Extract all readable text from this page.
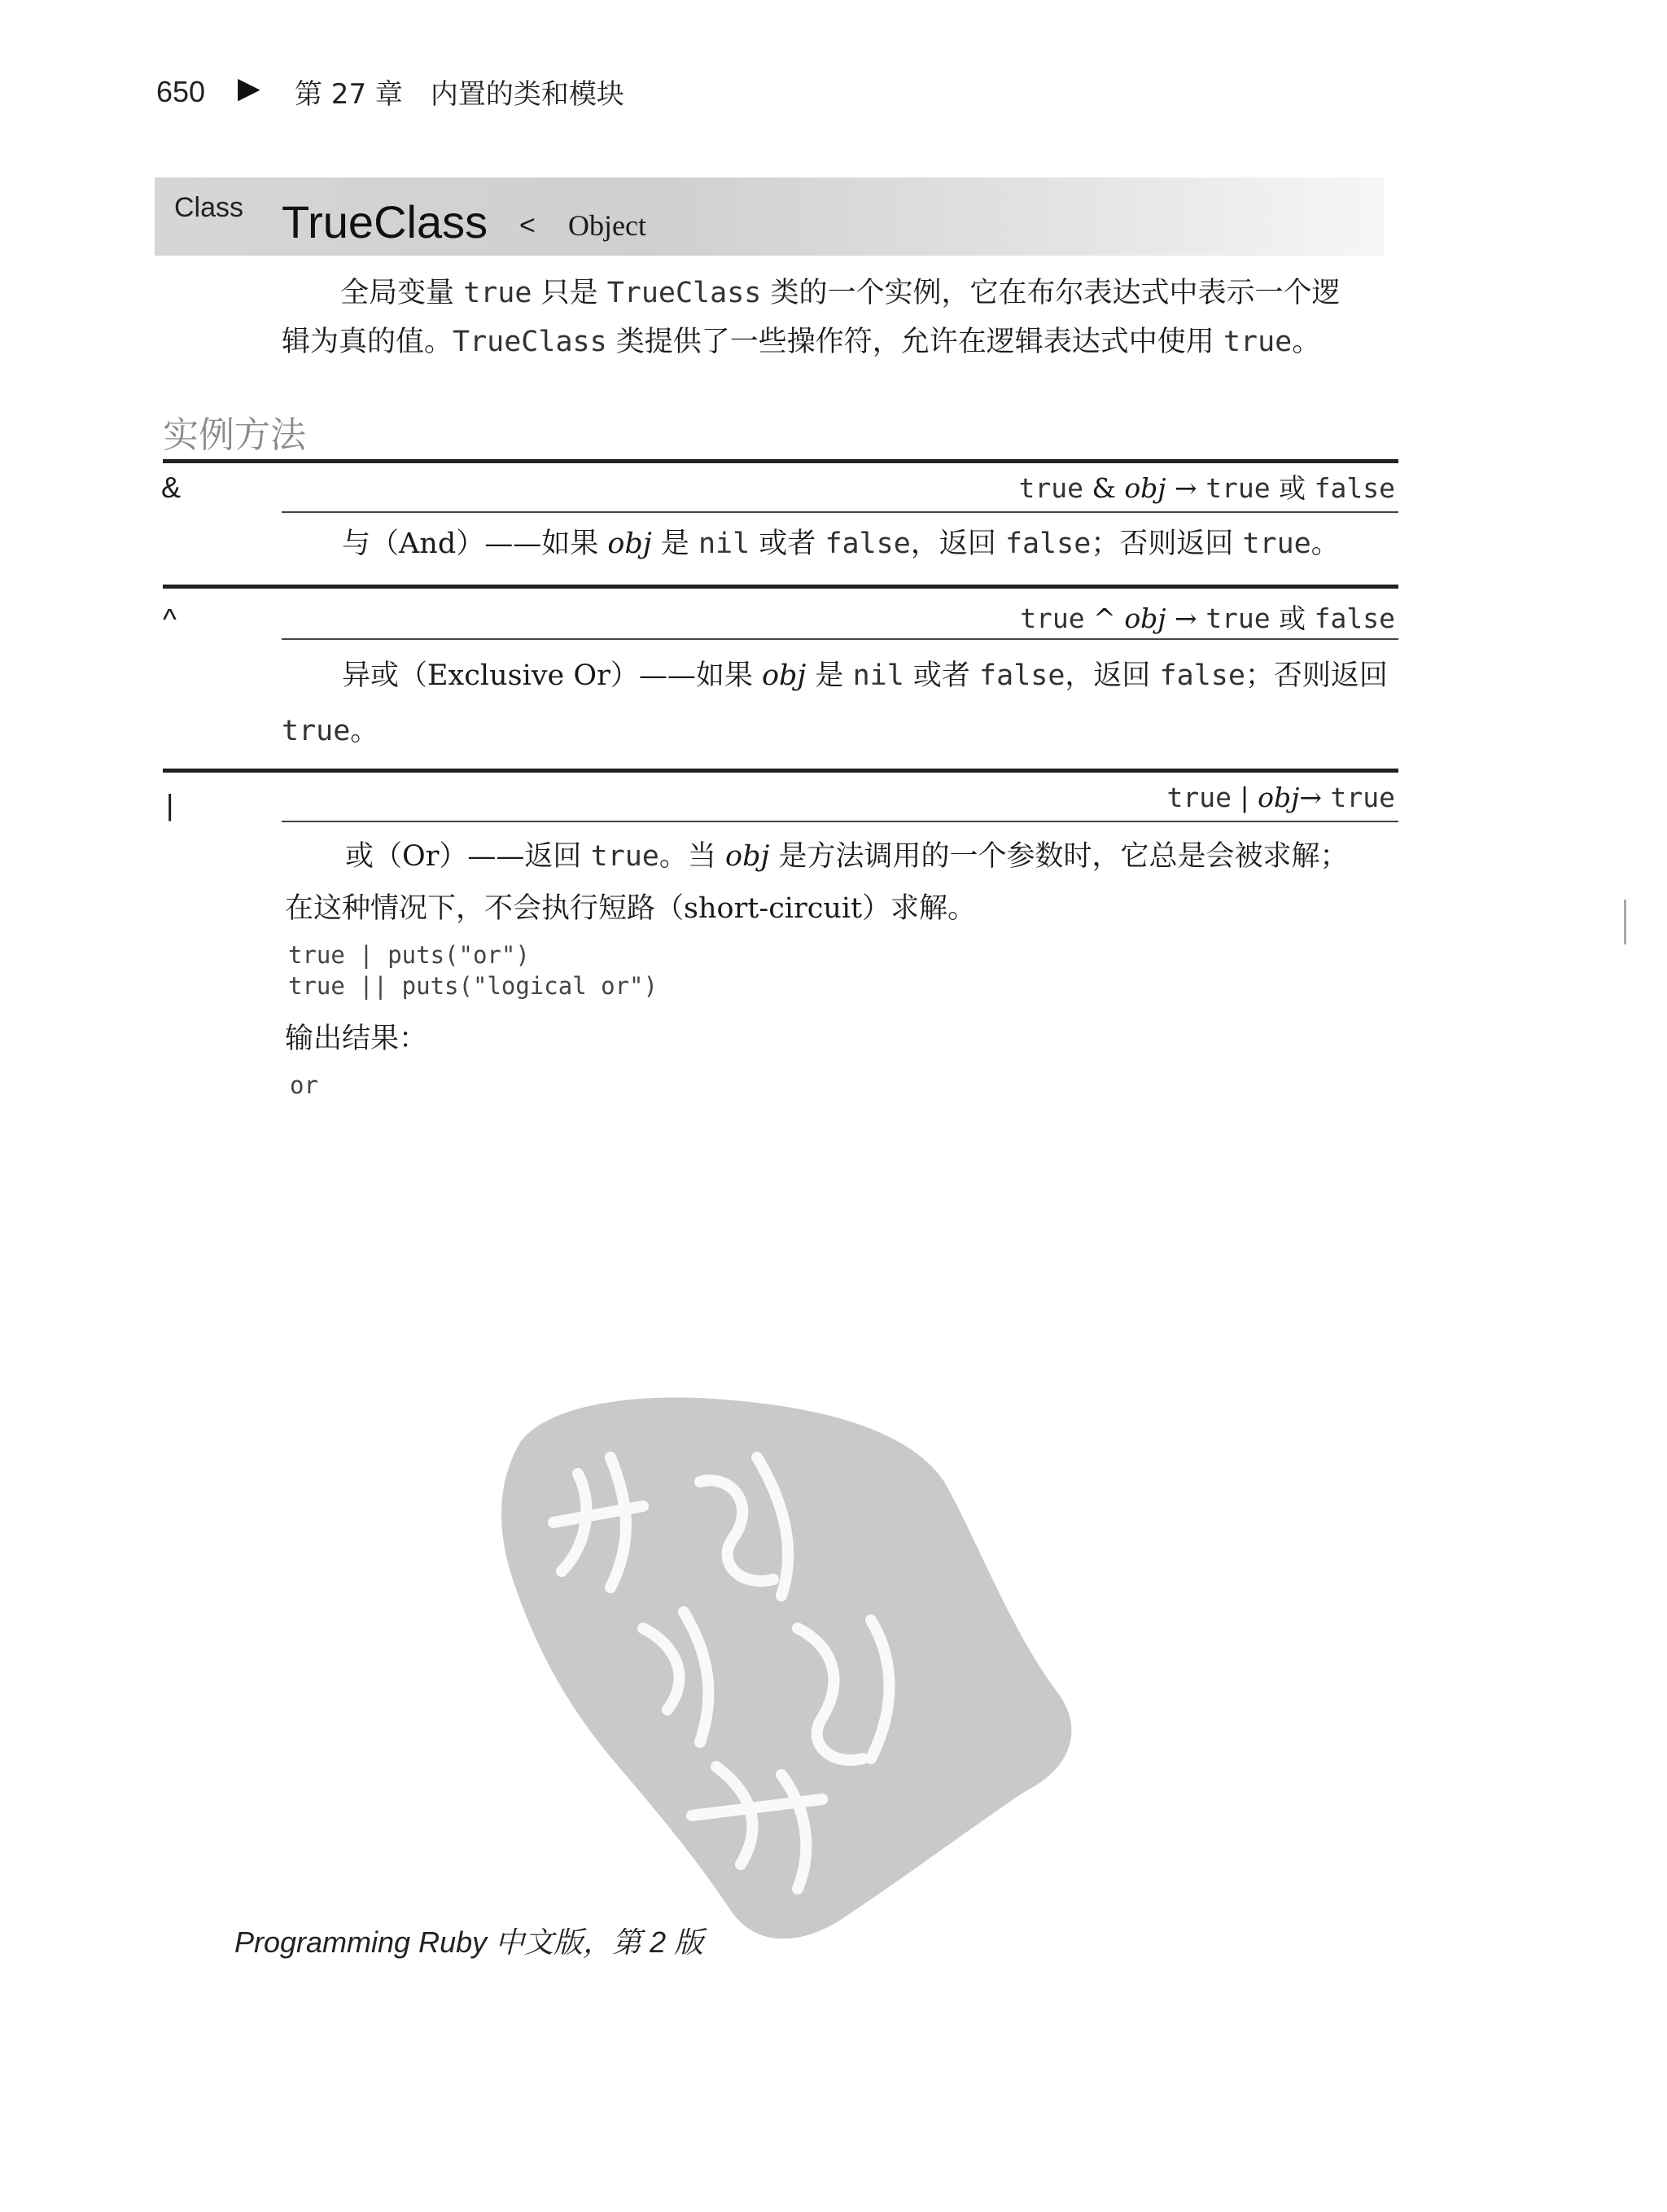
650 ▶ 第 27 章　内置的类和模块
Class TrueClass < Object
全局变量 true 只是 TrueClass 类的一个实例，它在布尔表达式中表示一个逻
辑为真的值。TrueClass 类提供了一些操作符，允许在逻辑表达式中使用 true。
实例方法
&	true & obj → true 或 false
与（And）——如果 obj 是 nil 或者 false，返回 false；否则返回 true。
^	true ^ obj → true 或 false
异或（Exclusive Or）——如果 obj 是 nil 或者 false，返回 false；否则返回
true。
|	true | obj→ true
或（Or）——返回 true。当 obj 是方法调用的一个参数时，它总是会被求解；
在这种情况下，不会执行短路（short-circuit）求解。
true | puts("or")
true || puts("logical or")
输出结果：
or
Programming Ruby 中文版，第 2 版
